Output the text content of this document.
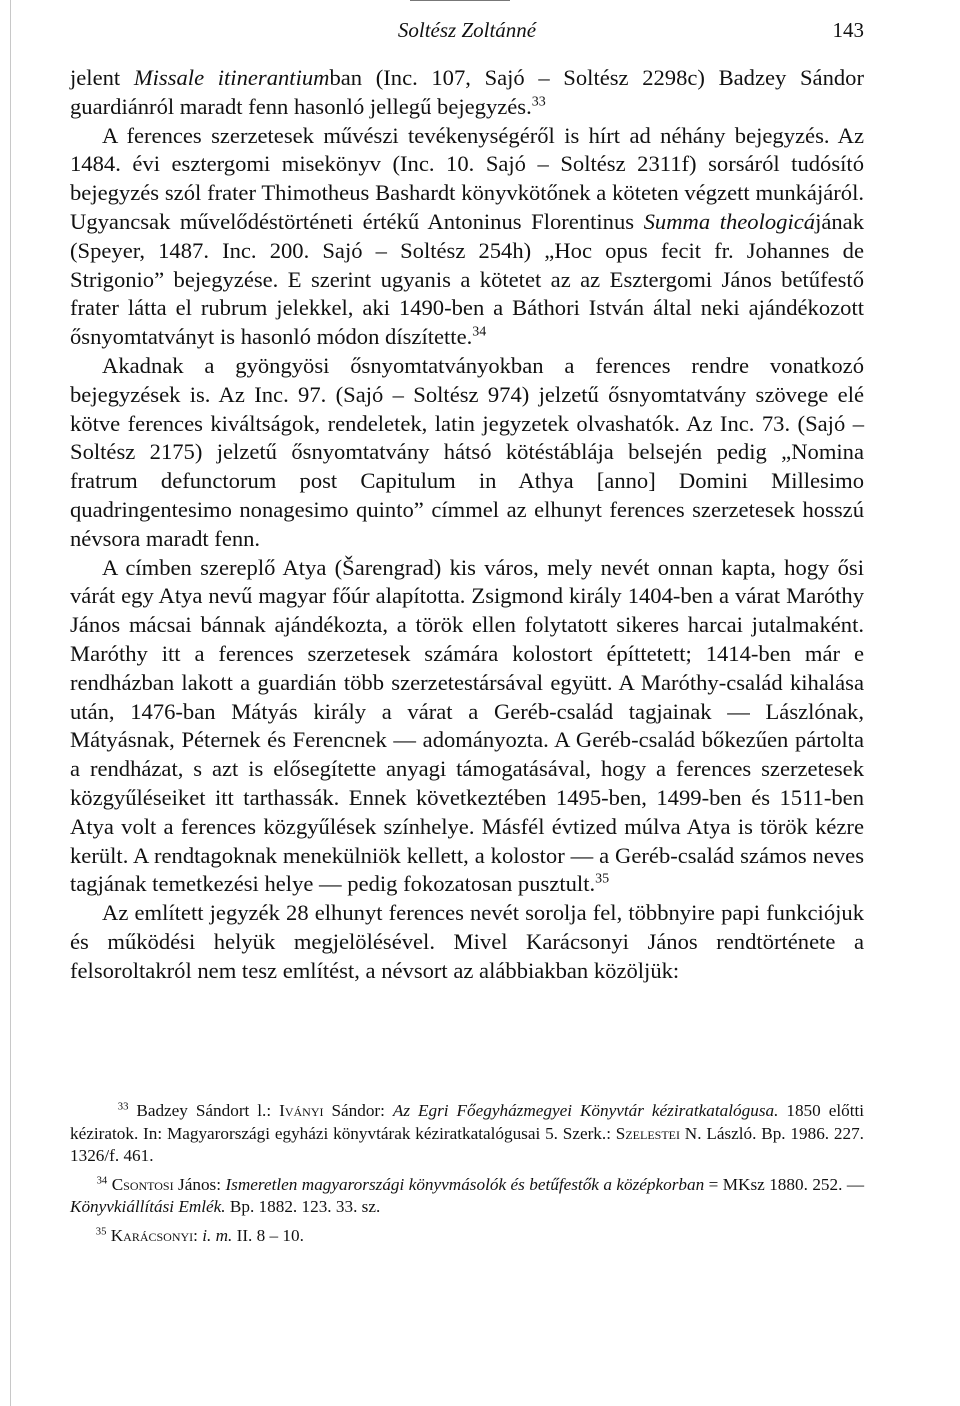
Soltész Zoltánné	143

jelent Missale itinerantiumban (Inc. 107, Sajó – Soltész 2298c) Badzey Sándor guardiánról maradt fenn hasonló jellegű bejegyzés.$^{33}$

A ferences szerzetesek művészi tevékenységéről is hírt ad néhány bejegyzés. Az 1484. évi esztergomi misekönyv (Inc. 10. Sajó – Soltész 2311f) sorsáról tudósító bejegyzés szól frater Thimotheus Bashardt könyvkötőnek a köteten végzett munkájáról. Ugyancsak művelődéstörténeti értékű Antoninus Florentinus Summa theologicájának (Speyer, 1487. Inc. 200. Sajó – Soltész 254h) „Hoc opus fecit fr. Johannes de Strigonio” bejegyzése. E szerint ugyanis a kötetet az az Esztergomi János betűfestő frater látta el rubrum jelekkel, aki 1490-ben a Báthori István által neki ajándékozott ősnyomtatványt is hasonló módon díszítette.$^{34}$

Akadnak a gyöngyösi ősnyomtatványokban a ferences rendre vonatkozó bejegyzések is. Az Inc. 97. (Sajó – Soltész 974) jelzetű ősnyomtatvány szövege elé kötve ferences kiváltságok, rendeletek, latin jegyzetek olvashatók. Az Inc. 73. (Sajó – Soltész 2175) jelzetű ősnyomtatvány hátsó kötéstáblája belsején pedig „Nomina fratrum defunctorum post Capitulum in Athya [anno] Domini Millesimo quadringentesimo nonagesimo quinto” címmel az elhunyt ferences szerzetesek hosszú névsora maradt fenn.

A címben szereplő Atya (Šarengrad) kis város, mely nevét onnan kapta, hogy ősi várát egy Atya nevű magyar főúr alapította. Zsigmond király 1404-ben a várat Maróthy János mácsai bánnak ajándékozta, a török ellen folytatott sikeres harcai jutalmaként. Maróthy itt a ferences szerzetesek számára kolostort építtetett; 1414-ben már e rendházban lakott a guardián több szerzetestársával együtt. A Maróthy-család kihalása után, 1476-ban Mátyás király a várat a Geréb-család tagjainak — Lászlónak, Mátyásnak, Péternek és Ferencnek — adományozta. A Geréb-család bőkezűen pártolta a rendházat, s azt is elősegítette anyagi támogatásával, hogy a ferences szerzetesek közgyűléseiket itt tarthassák. Ennek következtében 1495-ben, 1499-ben és 1511-ben Atya volt a ferences közgyűlések színhelye. Másfél évtized múlva Atya is török kézre került. A rendtagoknak menekülniök kellett, a kolostor — a Geréb-család számos neves tagjának temetkezési helye — pedig fokozatosan pusztult.$^{35}$

Az említett jegyzék 28 elhunyt ferences nevét sorolja fel, többnyire papi funkciójuk és működési helyük megjelölésével. Mivel Karácsonyi János rendtörténete a felsoroltakról nem tesz említést, a névsort az alábbiakban közöljük:

$^{33}$ Badzey Sándort l.: Iványi Sándor: Az Egri Főegyházmegyei Könyvtár kéziratkatalógusa. 1850 előtti kéziratok. In: Magyarországi egyházi könyvtárak kéziratkatalógusai 5. Szerk.: Szelestei N. László. Bp. 1986. 227. 1326/f. 461.

$^{34}$ Csontosi János: Ismeretlen magyarországi könyvmásolók és betűfestők a középkorban = MKsz 1880. 252. — Könyvkiállítási Emlék. Bp. 1882. 123. 33. sz.

$^{35}$ Karácsonyi: i. m. II. 8 – 10.
